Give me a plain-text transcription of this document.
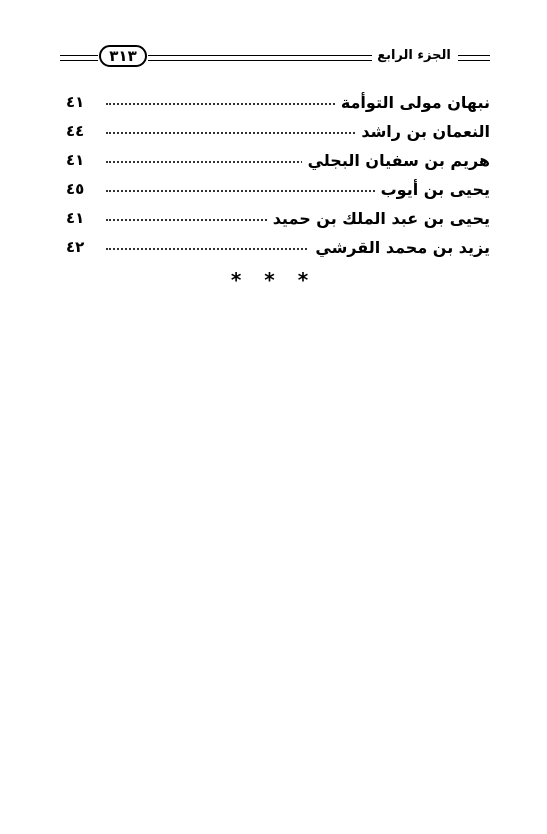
٣١٣	الجزء الرابع
نبهان مولى التوأمة
٤١
النعمان بن راشد
٤٤
هريم بن سفيان البجلي
٤١
يحيى بن أيوب
٤٥
يحيى بن عبد الملك بن حميد
٤١
يزيد بن محمد القرشي
٤٢
* * *
